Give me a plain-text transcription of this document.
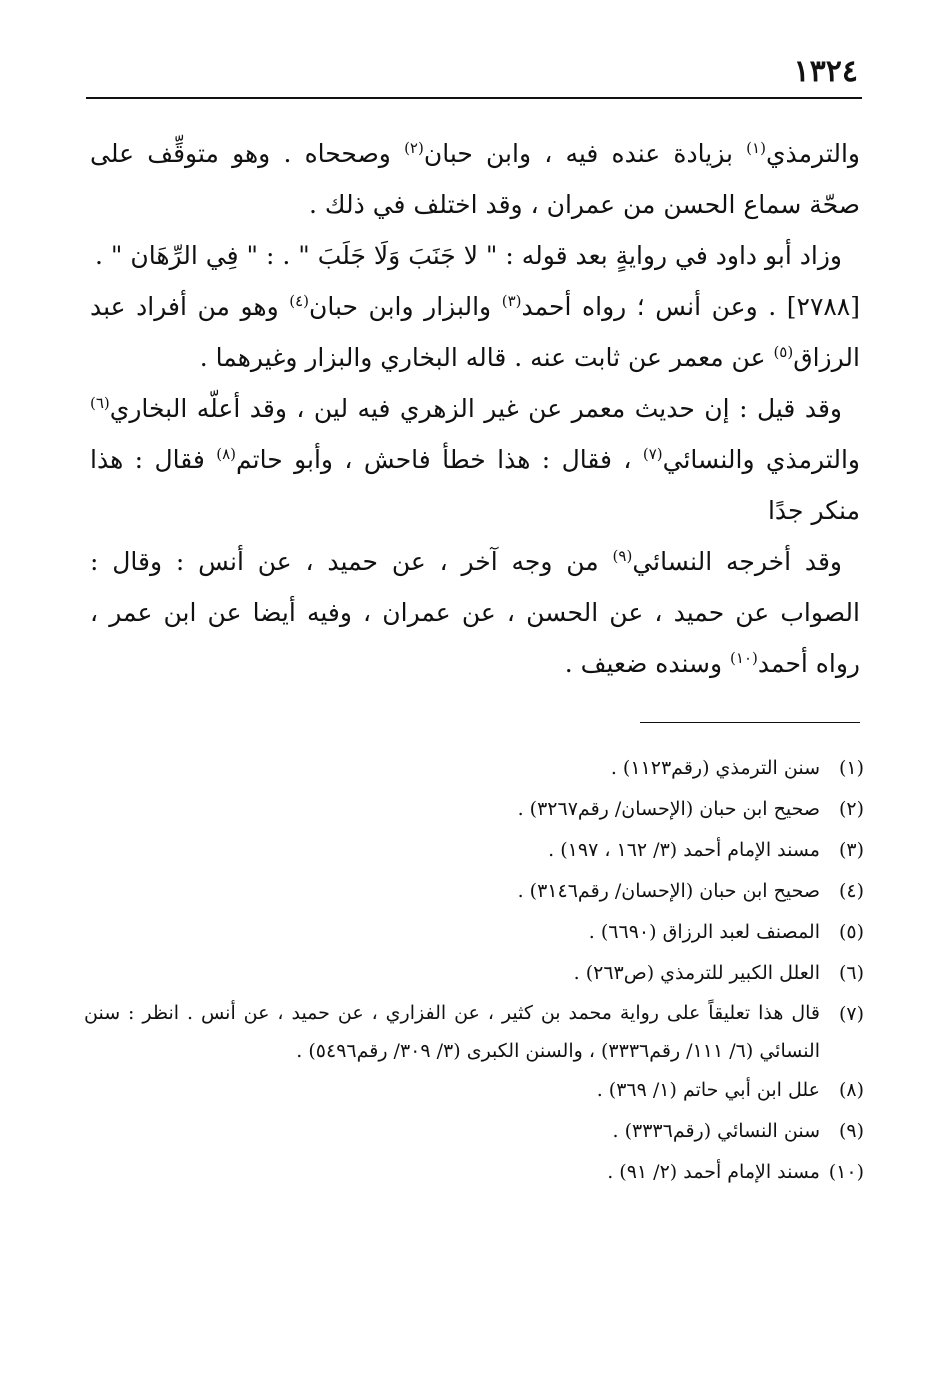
١٣٢٤

والترمذي$^{(١)}$ بزيادة عنده فيه ، وابن حبان$^{(٢)}$ وصححاه . وهو متوقِّف على صحّة سماع الحسن من عمران ، وقد اختلف في ذلك .

وزاد أبو داود في روايةٍ بعد قوله : " لا جَنَبَ وَلَا جَلَبَ " . : " فِي الرِّهَان " .

[٢٧٨٨] . وعن أنس ؛ رواه أحمد$^{(٣)}$ والبزار وابن حبان$^{(٤)}$ وهو من أفراد عبد الرزاق$^{(٥)}$ عن معمر عن ثابت عنه . قاله البخاري والبزار وغيرهما .

وقد قيل : إن حديث معمر عن غير الزهري فيه لين ، وقد أعلّه البخاري$^{(٦)}$ والترمذي والنسائي$^{(٧)}$ ، فقال : هذا خطأ فاحش ، وأبو حاتم$^{(٨)}$ فقال : هذا منكر جدًا

وقد أخرجه النسائي$^{(٩)}$ من وجه آخر ، عن حميد ، عن أنس : وقال : الصواب عن حميد ، عن الحسن ، عن عمران ، وفيه أيضا عن ابن عمر ، رواه أحمد$^{(١٠)}$ وسنده ضعيف .

(١)
سنن الترمذي (رقم١١٢٣) .
(٢)
صحيح ابن حبان (الإحسان/ رقم٣٢٦٧) .
(٣)
مسند الإمام أحمد (٣/ ١٦٢ ، ١٩٧) .
(٤)
صحيح ابن حبان (الإحسان/ رقم٣١٤٦) .
(٥)
المصنف لعبد الرزاق (٦٦٩٠) .
(٦)
العلل الكبير للترمذي (ص٢٦٣) .
(٧)
قال هذا تعليقاً على رواية محمد بن كثير ، عن الفزاري ، عن حميد ، عن أنس . انظر : سنن النسائي (٦/ ١١١/ رقم٣٣٣٦) ، والسنن الكبرى (٣/ ٣٠٩/ رقم٥٤٩٦) .
(٨)
علل ابن أبي حاتم (١/ ٣٦٩) .
(٩)
سنن النسائي (رقم٣٣٣٦) .
(١٠)
مسند الإمام أحمد (٢/ ٩١) .
